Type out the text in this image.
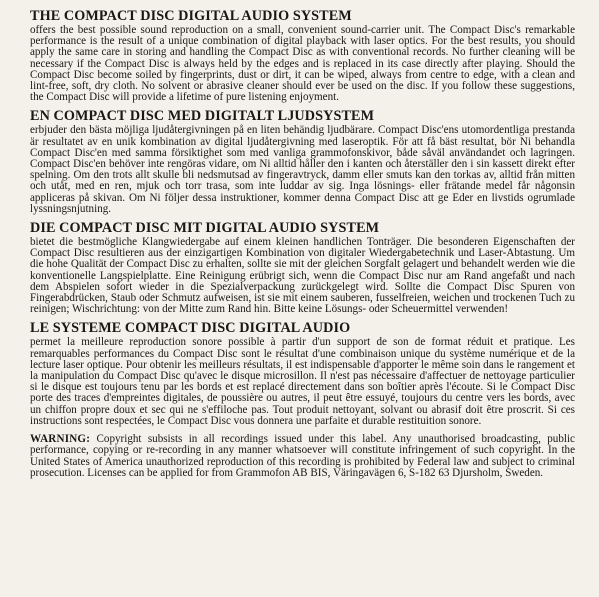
THE COMPACT DISC DIGITAL AUDIO SYSTEM

offers the best possible sound reproduction on a small, convenient sound-carrier unit. The Compact Disc's remarkable performance is the result of a unique combination of digital playback with laser optics. For the best results, you should apply the same care in storing and handling the Compact Disc as with conventional records. No further cleaning will be necessary if the Compact Disc is always held by the edges and is replaced in its case directly after playing. Should the Compact Disc become soiled by fingerprints, dust or dirt, it can be wiped, always from centre to edge, with a clean and lint-free, soft, dry cloth. No solvent or abrasive cleaner should ever be used on the disc. If you follow these suggestions, the Compact Disc will provide a lifetime of pure listening enjoyment.

EN COMPACT DISC MED DIGITALT LJUDSYSTEM

erbjuder den bästa möjliga ljudåtergivningen på en liten behändig ljudbärare. Compact Disc'ens utomordentliga prestanda är resultatet av en unik kombination av digital ljudåtergivning med laseroptik. För att få bäst resultat, bör Ni behandla Compact Disc'en med samma försiktighet som med vanliga grammofonskivor, både såväl användandet och lagringen. Compact Disc'en behöver inte rengöras vidare, om Ni alltid håller den i kanten och återställer den i sin kassett direkt efter spelning. Om den trots allt skulle bli nedsmutsad av fingeravtryck, damm eller smuts kan den torkas av, alltid från mitten och utåt, med en ren, mjuk och torr trasa, som inte luddar av sig. Inga lösnings- eller frätande medel får någonsin appliceras på skivan. Om Ni följer dessa instruktioner, kommer denna Compact Disc att ge Eder en livstids ogrumlade lyssningsnjutning.

DIE COMPACT DISC MIT DIGITAL AUDIO SYSTEM

bietet die bestmögliche Klangwiedergabe auf einem kleinen handlichen Tonträger. Die besonderen Eigenschaften der Compact Disc resultieren aus der einzigartigen Kombination von digitaler Wiedergabetechnik und Laser-Abtastung. Um die hohe Qualität der Compact Disc zu erhalten, sollte sie mit der gleichen Sorgfalt gelagert und behandelt werden wie die konventionelle Langspielplatte. Eine Reinigung erübrigt sich, wenn die Compact Disc nur am Rand angefaßt und nach dem Abspielen sofort wieder in die Spezialverpackung zurückgelegt wird. Sollte die Compact Disc Spuren von Fingerabdrücken, Staub oder Schmutz aufweisen, ist sie mit einem sauberen, fusselfreien, weichen und trockenen Tuch zu reinigen; Wischrichtung: von der Mitte zum Rand hin. Bitte keine Lösungs- oder Scheuermittel verwenden!

LE SYSTEME COMPACT DISC DIGITAL AUDIO

permet la meilleure reproduction sonore possible à partir d'un support de son de format réduit et pratique. Les remarquables performances du Compact Disc sont le résultat d'une combinaison unique du système numérique et de la lecture laser optique. Pour obtenir les meilleurs résultats, il est indispensable d'apporter le même soin dans le rangement et la manipulation du Compact Disc qu'avec le disque microsillon. Il n'est pas nécessaire d'affectuer de nettoyage particulier si le disque est toujours tenu par les bords et est replacé directement dans son boîtier après l'écoute. Si le Compact Disc porte des traces d'empreintes digitales, de poussière ou autres, il peut être essuyé, toujours du centre vers les bords, avec un chiffon propre doux et sec qui ne s'effiloche pas. Tout produit nettoyant, solvant ou abrasif doit être proscrit. Si ces instructions sont respectées, le Compact Disc vous donnera une parfaite et durable restituition sonore.

WARNING: Copyright subsists in all recordings issued under this label. Any unauthorised broadcasting, public performance, copying or re-recording in any manner whatsoever will constitute infringement of such copyright. In the United States of America unauthorized reproduction of this recording is prohibited by Federal law and subject to criminal prosecution. Licenses can be applied for from Grammofon AB BIS, Väringavägen 6, S-182 63 Djursholm, Sweden.
